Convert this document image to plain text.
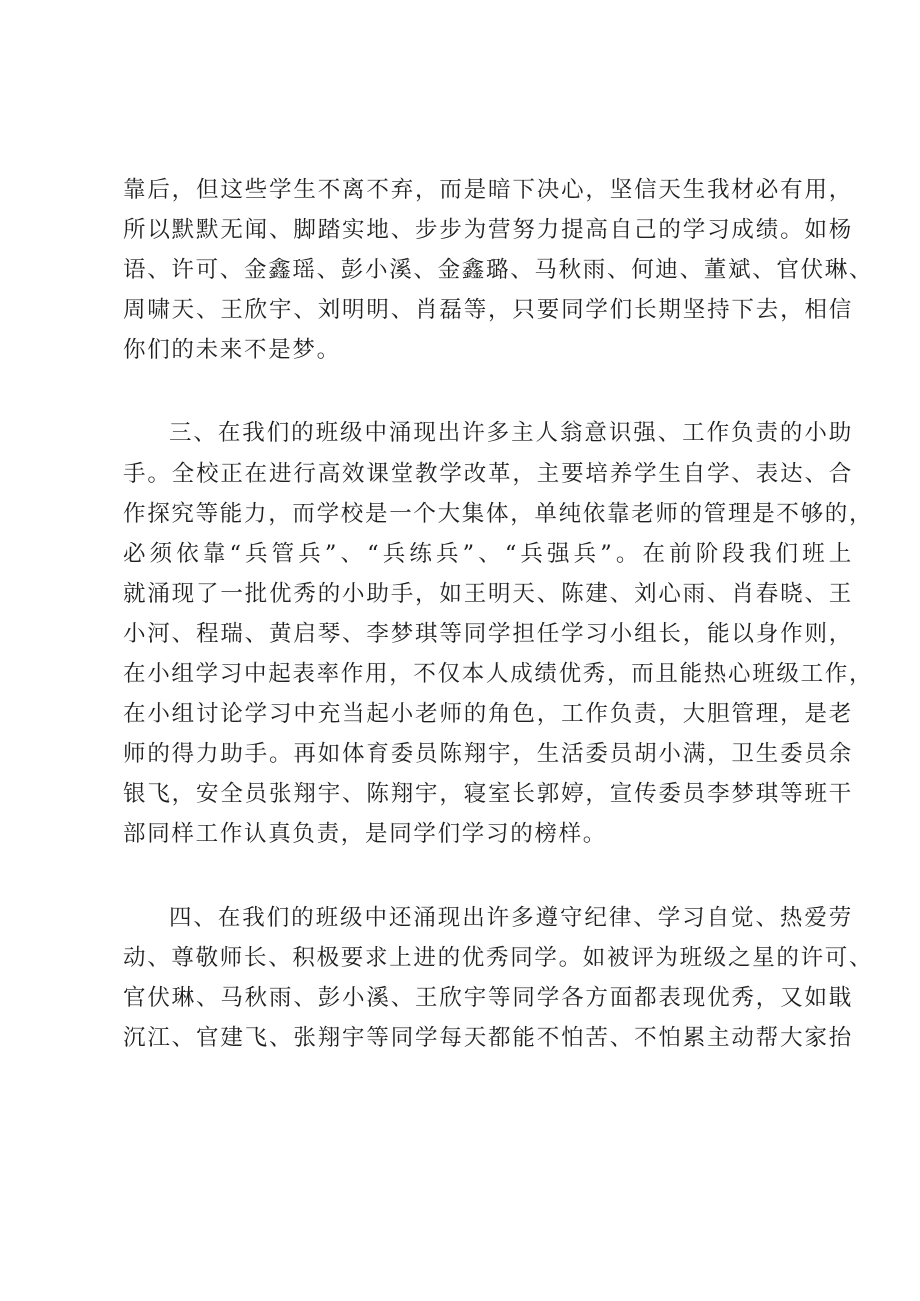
靠后，但这些学生不离不弃，而是暗下决心，坚信天生我材必有用，
所以默默无闻、脚踏实地、步步为营努力提高自己的学习成绩。如杨
语、许可、金鑫瑶、彭小溪、金鑫璐、马秋雨、何迪、董斌、官伏琳、
周啸天、王欣宇、刘明明、肖磊等，只要同学们长期坚持下去，相信
你们的未来不是梦。
三、在我们的班级中涌现出许多主人翁意识强、工作负责的小助
手。全校正在进行高效课堂教学改革，主要培养学生自学、表达、合
作探究等能力，而学校是一个大集体，单纯依靠老师的管理是不够的，
必须依靠“兵管兵”、“兵练兵”、“兵强兵”。在前阶段我们班上
就涌现了一批优秀的小助手，如王明天、陈建、刘心雨、肖春晓、王
小河、程瑞、黄启琴、李梦琪等同学担任学习小组长，能以身作则，
在小组学习中起表率作用，不仅本人成绩优秀，而且能热心班级工作，
在小组讨论学习中充当起小老师的角色，工作负责，大胆管理，是老
师的得力助手。再如体育委员陈翔宇，生活委员胡小满，卫生委员余
银飞，安全员张翔宇、陈翔宇，寝室长郭婷，宣传委员李梦琪等班干
部同样工作认真负责，是同学们学习的榜样。
四、在我们的班级中还涌现出许多遵守纪律、学习自觉、热爱劳
动、尊敬师长、积极要求上进的优秀同学。如被评为班级之星的许可、
官伏琳、马秋雨、彭小溪、王欣宇等同学各方面都表现优秀，又如戢
沉江、官建飞、张翔宇等同学每天都能不怕苦、不怕累主动帮大家抬
